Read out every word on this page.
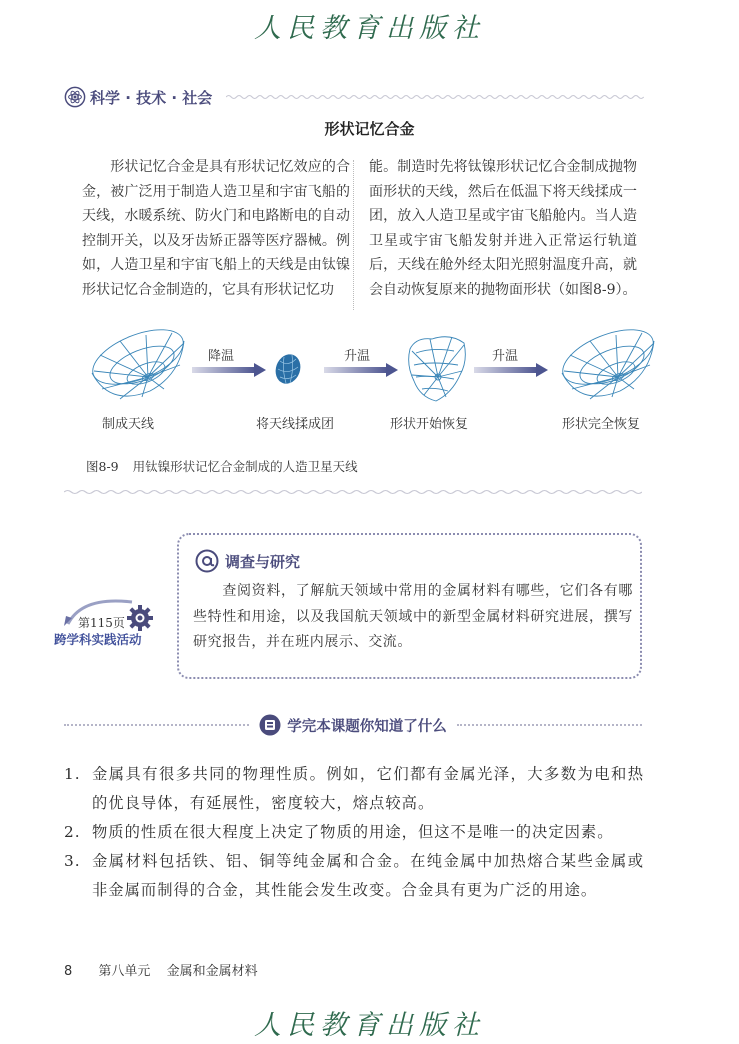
人民教育出版社
科学 · 技术 · 社会
形状记忆合金
　　形状记忆合金是具有形状记忆效应的合金，被广泛用于制造人造卫星和宇宙飞船的天线，水暖系统、防火门和电路断电的自动控制开关，以及牙齿矫正器等医疗器械。例如，人造卫星和宇宙飞船上的天线是由钛镍形状记忆合金制造的，它具有形状记忆功
能。制造时先将钛镍形状记忆合金制成抛物面形状的天线，然后在低温下将天线揉成一团，放入人造卫星或宇宙飞船舱内。当人造卫星或宇宙飞船发射并进入正常运行轨道后，天线在舱外经太阳光照射温度升高，就会自动恢复原来的抛物面形状（如图8-9）。
制成天线
降温
将天线揉成团
升温
形状开始恢复
升温
形状完全恢复
图8-9 用钛镍形状记忆合金制成的人造卫星天线
第115页
跨学科实践活动
调查与研究
　　查阅资料，了解航天领域中常用的金属材料有哪些，它们各有哪些特性和用途，以及我国航天领域中的新型金属材料研究进展，撰写研究报告，并在班内展示、交流。
学完本课题你知道了什么
1. 金属具有很多共同的物理性质。例如，它们都有金属光泽，大多数为电和热的优良导体，有延展性，密度较大，熔点较高。
2. 物质的性质在很大程度上决定了物质的用途，但这不是唯一的决定因素。
3. 金属材料包括铁、铝、铜等纯金属和合金。在纯金属中加热熔合某些金属或非金属而制得的合金，其性能会发生改变。合金具有更为广泛的用途。
8 第八单元 金属和金属材料
人民教育出版社
